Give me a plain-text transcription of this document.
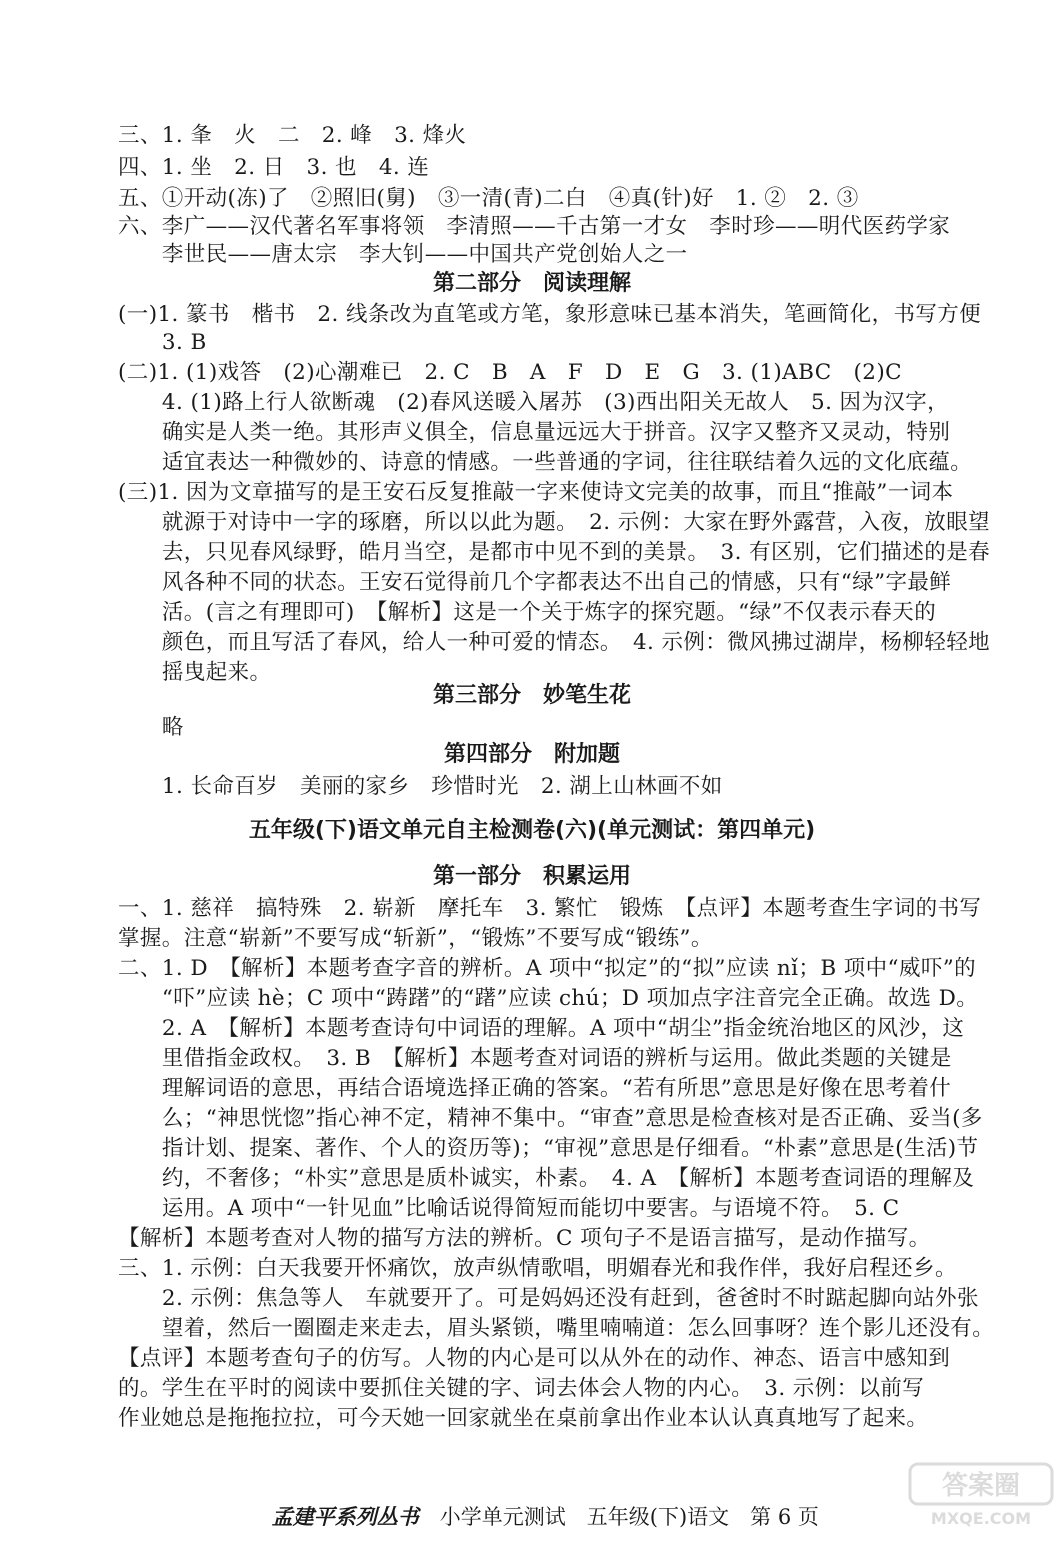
三、1. 夆　火　二　2. 峰　3. 烽火
四、1. 坐　2. 日　3. 也　4. 连
五、①开动(冻)了　②照旧(舅)　③一清(青)二白　④真(针)好　1. ②　2. ③
六、李广——汉代著名军事将领　李清照——千古第一才女　李时珍——明代医药学家
　李世民——唐太宗　李大钊——中国共产党创始人之一
第二部分　阅读理解
(一)1. 篆书　楷书　2. 线条改为直笔或方笔，象形意味已基本消失，笔画简化，书写方便
　3. B
(二)1. (1)戏答　(2)心潮难已　2. C　B　A　F　D　E　G　3. (1)ABC　(2)C
　4. (1)路上行人欲断魂　(2)春风送暖入屠苏　(3)西出阳关无故人　5. 因为汉字，
　确实是人类一绝。其形声义俱全，信息量远远大于拼音。汉字又整齐又灵动，特别
　适宜表达一种微妙的、诗意的情感。一些普通的字词，往往联结着久远的文化底蕴。
(三)1. 因为文章描写的是王安石反复推敲一字来使诗文完美的故事，而且“推敲”一词本
　就源于对诗中一字的琢磨，所以以此为题。　2. 示例：大家在野外露营，入夜，放眼望
　去，只见春风绿野，皓月当空，是都市中见不到的美景。　3. 有区别，它们描述的是春
　风各种不同的状态。王安石觉得前几个字都表达不出自己的情感，只有“绿”字最鲜
　活。(言之有理即可)　【解析】这是一个关于炼字的探究题。“绿”不仅表示春天的
　颜色，而且写活了春风，给人一种可爱的情态。　4. 示例：微风拂过湖岸，杨柳轻轻地
　摇曳起来。
第三部分　妙笔生花
　略
第四部分　附加题
　1. 长命百岁　美丽的家乡　珍惜时光　2. 湖上山林画不如
五年级(下)语文单元自主检测卷(六)(单元测试：第四单元)
第一部分　积累运用
一、1. 慈祥　搞特殊　2. 崭新　摩托车　3. 繁忙　锻炼　【点评】本题考查生字词的书写
掌握。注意“崭新”不要写成“斩新”，“锻炼”不要写成“锻练”。
二、1. D　【解析】本题考查字音的辨析。A 项中“拟定”的“拟”应读 nǐ；B 项中“威吓”的
　“吓”应读 hè；C 项中“踌躇”的“躇”应读 chú；D 项加点字注音完全正确。故选 D。
　2. A　【解析】本题考查诗句中词语的理解。A 项中“胡尘”指金统治地区的风沙，这
　里借指金政权。　3. B　【解析】本题考查对词语的辨析与运用。做此类题的关键是
　理解词语的意思，再结合语境选择正确的答案。“若有所思”意思是好像在思考着什
　么；“神思恍惚”指心神不定，精神不集中。“审查”意思是检查核对是否正确、妥当(多
　指计划、提案、著作、个人的资历等)；“审视”意思是仔细看。“朴素”意思是(生活)节
　约，不奢侈；“朴实”意思是质朴诚实，朴素。　4. A　【解析】本题考查词语的理解及
　运用。A 项中“一针见血”比喻话说得简短而能切中要害。与语境不符。　5. C
【解析】本题考查对人物的描写方法的辨析。C 项句子不是语言描写，是动作描写。
三、1. 示例：白天我要开怀痛饮，放声纵情歌唱，明媚春光和我作伴，我好启程还乡。
　2. 示例：焦急等人　车就要开了。可是妈妈还没有赶到，爸爸时不时踮起脚向站外张
　望着，然后一圈圈走来走去，眉头紧锁，嘴里喃喃道：怎么回事呀？连个影儿还没有。
【点评】本题考查句子的仿写。人物的内心是可以从外在的动作、神态、语言中感知到
的。学生在平时的阅读中要抓住关键的字、词去体会人物的内心。　3. 示例：以前写
作业她总是拖拖拉拉，可今天她一回家就坐在桌前拿出作业本认认真真地写了起来。

孟建平系列丛书　 小学单元测试　五年级(下)语文　第 6 页

答案圈
MXQE.COM
